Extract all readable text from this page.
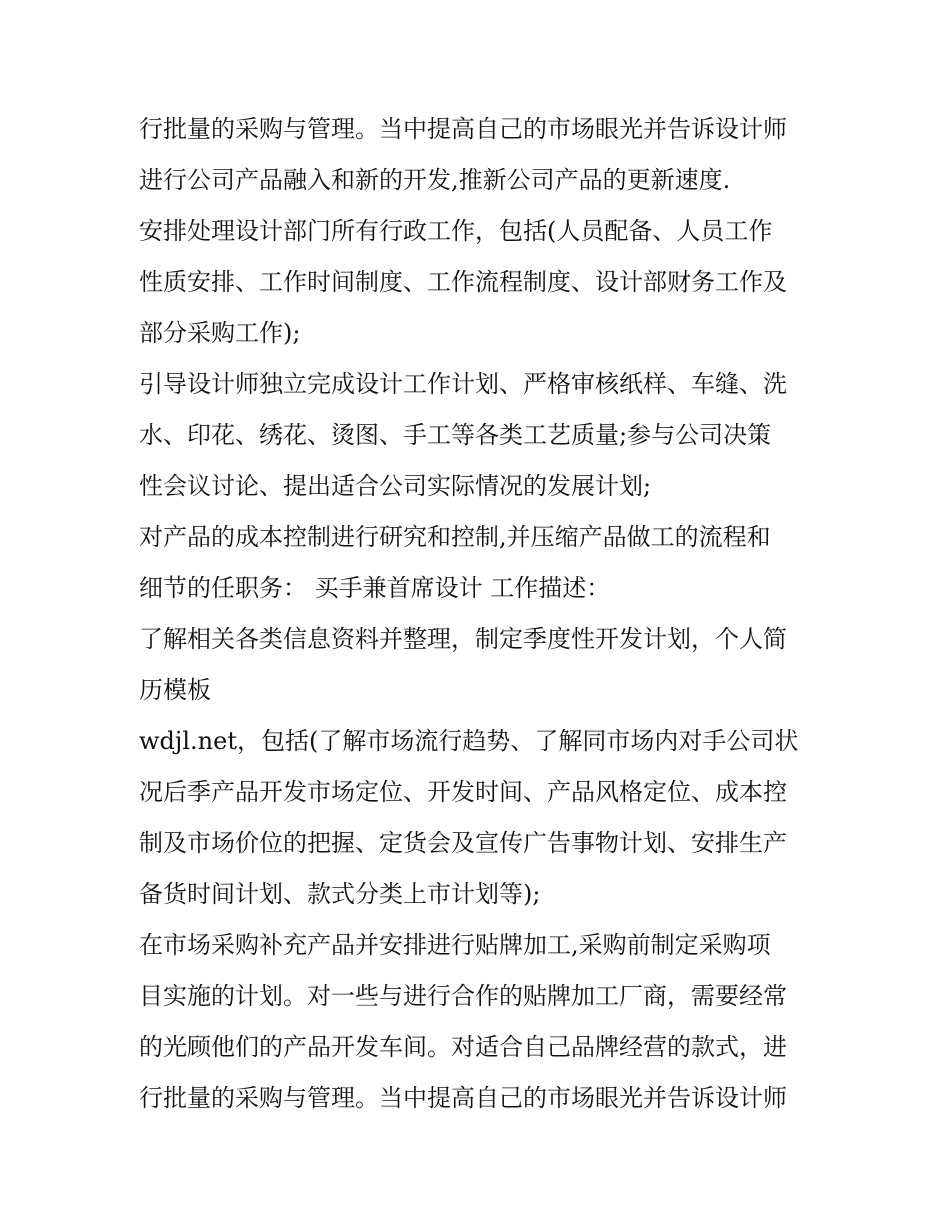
行批量的采购与管理。当中提高自己的市场眼光并告诉设计师
进行公司产品融入和新的开发,推新公司产品的更新速度.
安排处理设计部门所有行政工作，包括(人员配备、人员工作
性质安排、工作时间制度、工作流程制度、设计部财务工作及
部分采购工作);
引导设计师独立完成设计工作计划、严格审核纸样、车缝、洗
水、印花、绣花、烫图、手工等各类工艺质量;参与公司决策
性会议讨论、提出适合公司实际情况的发展计划;
对产品的成本控制进行研究和控制,并压缩产品做工的流程和
细节的任职务： 买手兼首席设计 工作描述：
了解相关各类信息资料并整理，制定季度性开发计划，个人简
历模板
wdjl.net，包括(了解市场流行趋势、了解同市场内对手公司状
况后季产品开发市场定位、开发时间、产品风格定位、成本控
制及市场价位的把握、定货会及宣传广告事物计划、安排生产
备货时间计划、款式分类上市计划等);
在市场采购补充产品并安排进行贴牌加工,采购前制定采购项
目实施的计划。对一些与进行合作的贴牌加工厂商，需要经常
的光顾他们的产品开发车间。对适合自己品牌经营的款式，进
行批量的采购与管理。当中提高自己的市场眼光并告诉设计师
